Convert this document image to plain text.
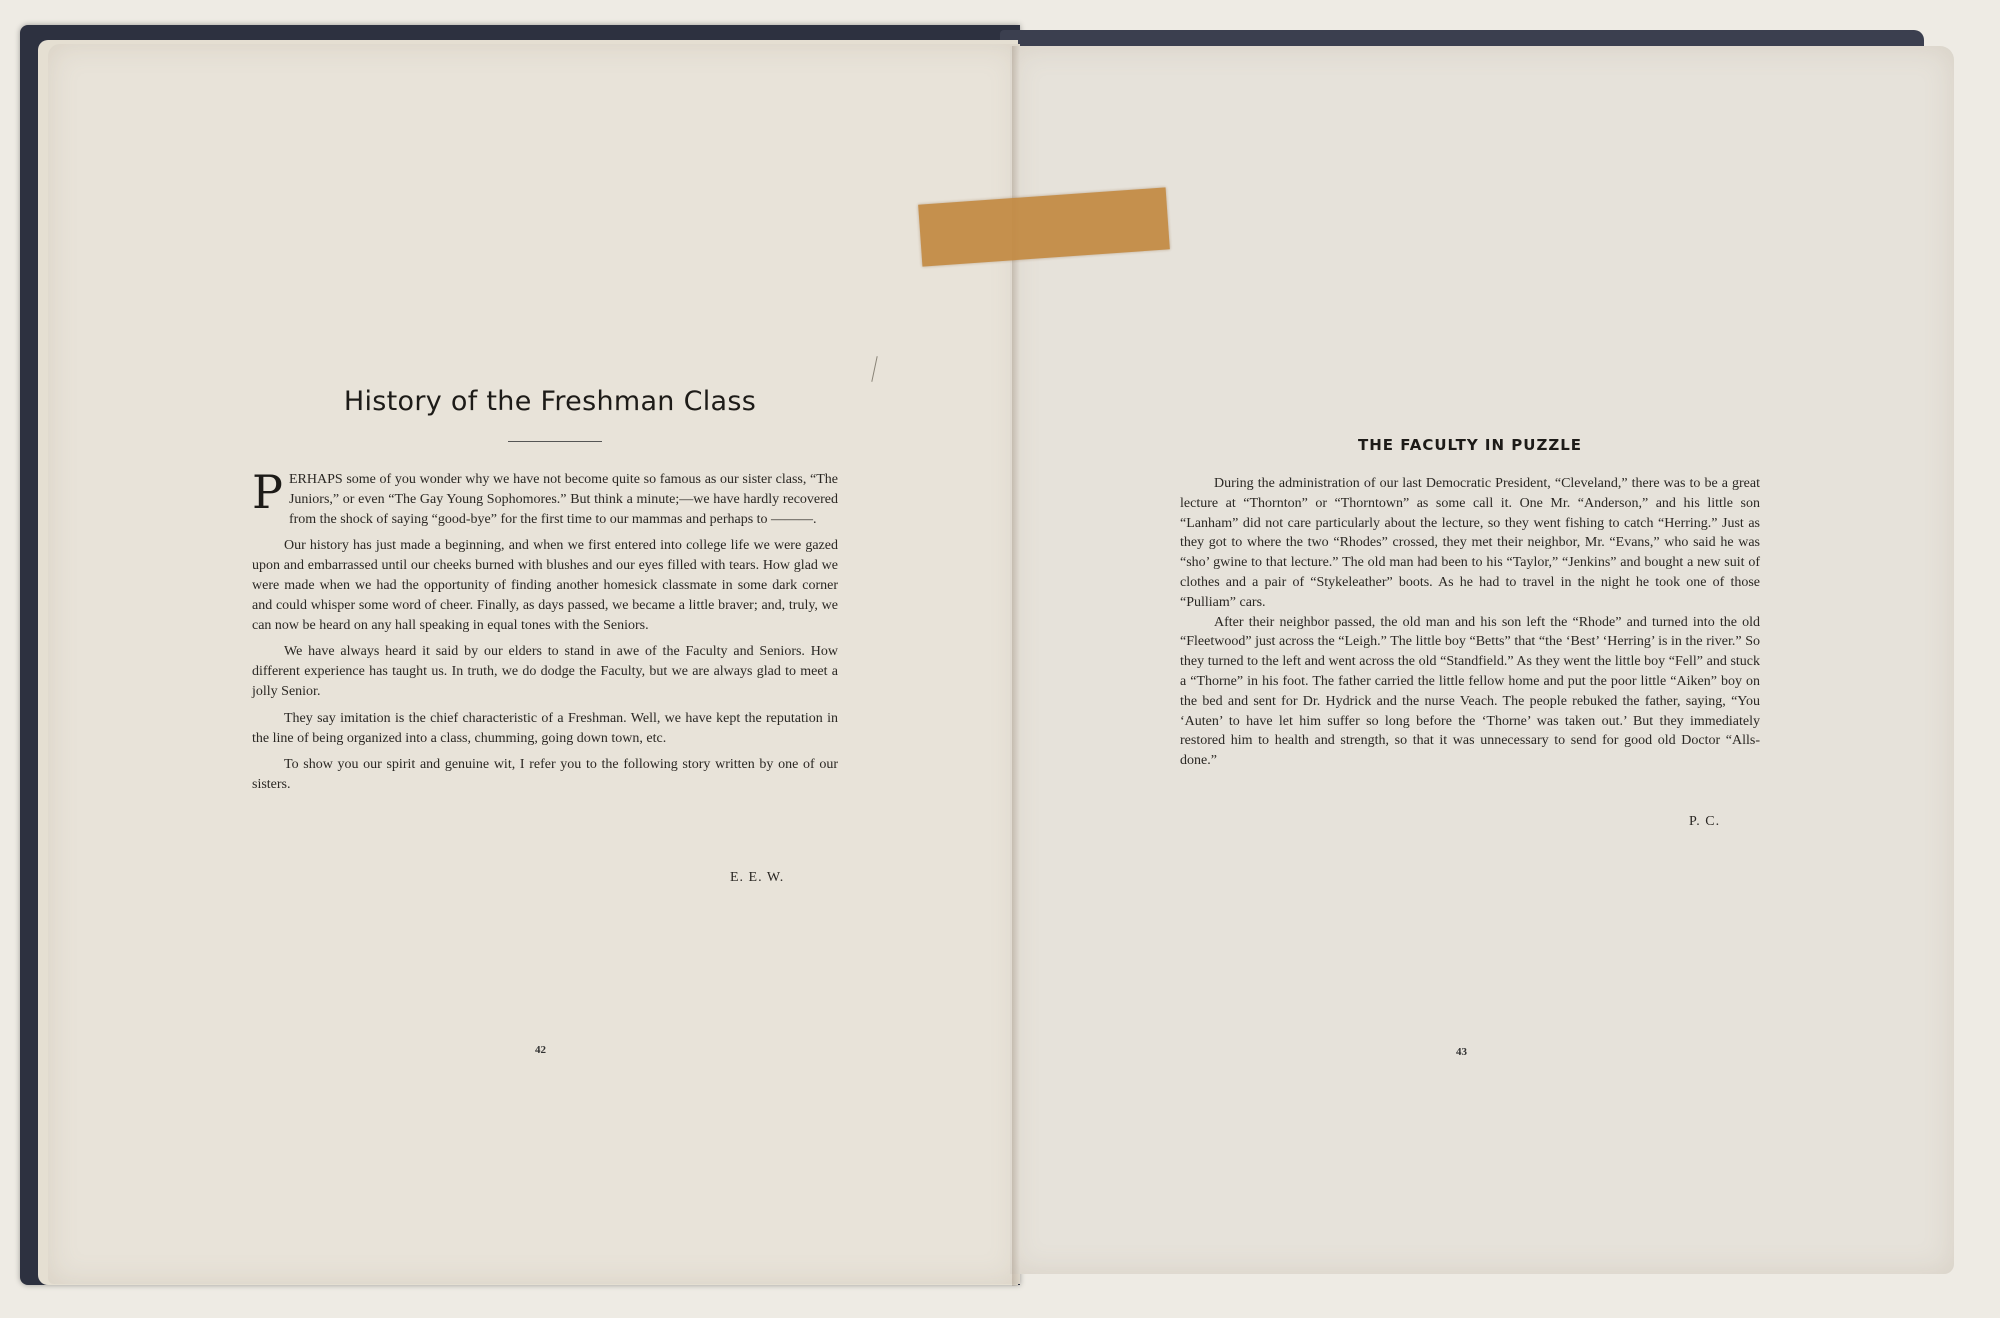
History of the Freshman Class

PERHAPS some of you wonder why we have not become quite so famous as our sister class, “The Juniors,” or even “The Gay Young Sophomores.” But think a minute;—we have hardly recovered from the shock of saying “good-bye” for the first time to our mammas and perhaps to ———.

Our history has just made a beginning, and when we first entered into college life we were gazed upon and embarrassed until our cheeks burned with blushes and our eyes filled with tears. How glad we were made when we had the opportunity of finding another homesick classmate in some dark corner and could whisper some word of cheer. Finally, as days passed, we became a little braver; and, truly, we can now be heard on any hall speaking in equal tones with the Seniors.

We have always heard it said by our elders to stand in awe of the Faculty and Seniors. How different experience has taught us. In truth, we do dodge the Faculty, but we are always glad to meet a jolly Senior.

They say imitation is the chief characteristic of a Freshman. Well, we have kept the reputation in the line of being organized into a class, chumming, going down town, etc.

To show you our spirit and genuine wit, I refer you to the following story written by one of our sisters.

E. E. W.
42
THE FACULTY IN PUZZLE

During the administration of our last Democratic President, “Cleveland,” there was to be a great lecture at “Thornton” or “Thorntown” as some call it. One Mr. “Anderson,” and his little son “Lanham” did not care particularly about the lecture, so they went fishing to catch “Herring.” Just as they got to where the two “Rhodes” crossed, they met their neighbor, Mr. “Evans,” who said he was “sho’ gwine to that lecture.” The old man had been to his “Taylor,” “Jenkins” and bought a new suit of clothes and a pair of “Stykeleather” boots. As he had to travel in the night he took one of those “Pulliam” cars.

After their neighbor passed, the old man and his son left the “Rhode” and turned into the old “Fleetwood” just across the “Leigh.” The little boy “Betts” that “the ‘Best’ ‘Herring’ is in the river.” So they turned to the left and went across the old “Standfield.” As they went the little boy “Fell” and stuck a “Thorne” in his foot. The father carried the little fellow home and put the poor little “Aiken” boy on the bed and sent for Dr. Hydrick and the nurse Veach. The people rebuked the father, saying, “You ‘Auten’ to have let him suffer so long before the ‘Thorne’ was taken out.’ But they immediately restored him to health and strength, so that it was unnecessary to send for good old Doctor “Alls-done.”

P. C.
43
